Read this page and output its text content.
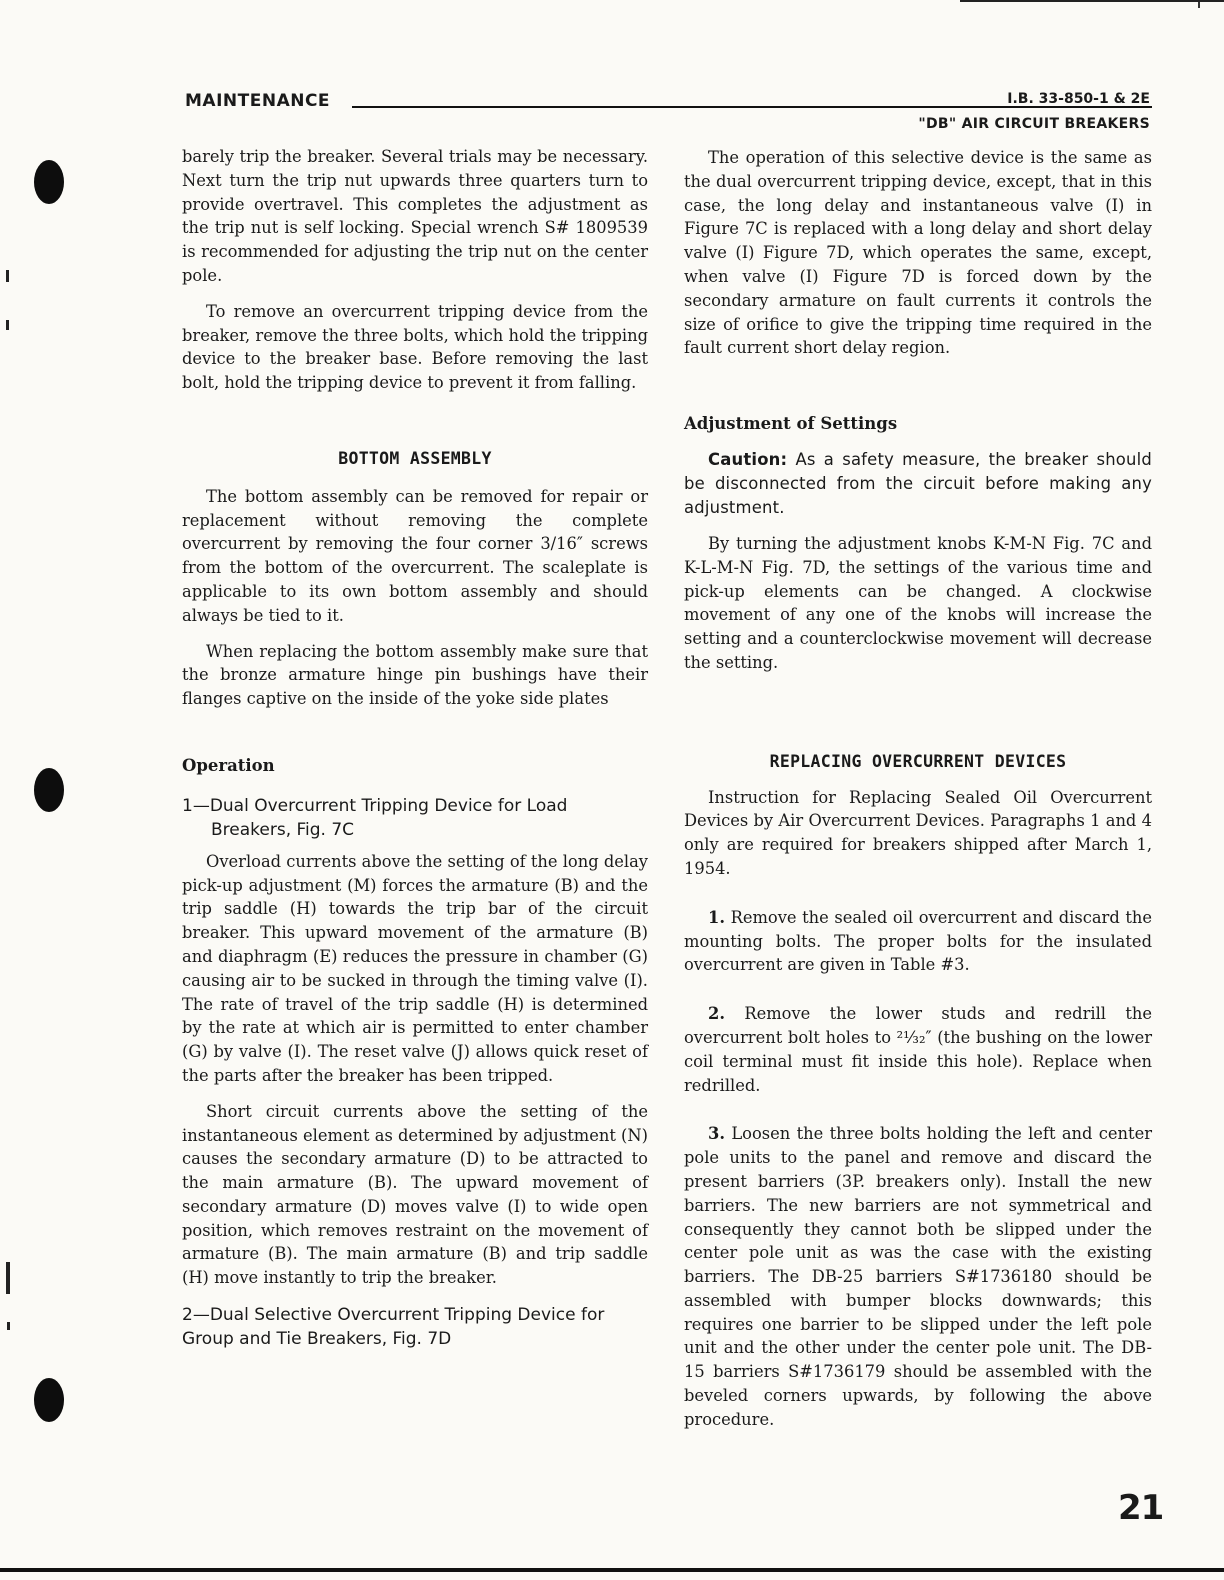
MAINTENANCE	I.B. 33-850-1 & 2E
"DB" AIR CIRCUIT BREAKERS

barely trip the breaker. Several trials may be necessary. Next turn the trip nut upwards three quarters turn to provide overtravel. This completes the adjustment as the trip nut is self locking. Special wrench S# 1809539 is recommended for adjusting the trip nut on the center pole.

To remove an overcurrent tripping device from the breaker, remove the three bolts, which hold the tripping device to the breaker base. Before removing the last bolt, hold the tripping device to prevent it from falling.

BOTTOM ASSEMBLY

The bottom assembly can be removed for repair or replacement without removing the complete overcurrent by removing the four corner 3/16″ screws from the bottom of the overcurrent. The scaleplate is applicable to its own bottom assembly and should always be tied to it.

When replacing the bottom assembly make sure that the bronze armature hinge pin bushings have their flanges captive on the inside of the yoke side plates

Operation

1—Dual Overcurrent Tripping Device for Load Breakers, Fig. 7C

Overload currents above the setting of the long delay pick-up adjustment (M) forces the armature (B) and the trip saddle (H) towards the trip bar of the circuit breaker. This upward movement of the armature (B) and diaphragm (E) reduces the pressure in chamber (G) causing air to be sucked in through the timing valve (I). The rate of travel of the trip saddle (H) is determined by the rate at which air is permitted to enter chamber (G) by valve (I). The reset valve (J) allows quick reset of the parts after the breaker has been tripped.

Short circuit currents above the setting of the instantaneous element as determined by adjustment (N) causes the secondary armature (D) to be attracted to the main armature (B). The upward movement of secondary armature (D) moves valve (I) to wide open position, which removes restraint on the movement of armature (B). The main armature (B) and trip saddle (H) move instantly to trip the breaker.

2—Dual Selective Overcurrent Tripping Device for Group and Tie Breakers, Fig. 7D

The operation of this selective device is the same as the dual overcurrent tripping device, except, that in this case, the long delay and instantaneous valve (I) in Figure 7C is replaced with a long delay and short delay valve (I) Figure 7D, which operates the same, except, when valve (I) Figure 7D is forced down by the secondary armature on fault currents it controls the size of orifice to give the tripping time required in the fault current short delay region.

Adjustment of Settings

Caution: As a safety measure, the breaker should be disconnected from the circuit before making any adjustment.

By turning the adjustment knobs K-M-N Fig. 7C and K-L-M-N Fig. 7D, the settings of the various time and pick-up elements can be changed. A clockwise movement of any one of the knobs will increase the setting and a counterclockwise movement will decrease the setting.

REPLACING OVERCURRENT DEVICES

Instruction for Replacing Sealed Oil Overcurrent Devices by Air Overcurrent Devices. Paragraphs 1 and 4 only are required for breakers shipped after March 1, 1954.

1. Remove the sealed oil overcurrent and discard the mounting bolts. The proper bolts for the insulated overcurrent are given in Table #3.

2. Remove the lower studs and redrill the overcurrent bolt holes to ²¹⁄₃₂″ (the bushing on the lower coil terminal must fit inside this hole). Replace when redrilled.

3. Loosen the three bolts holding the left and center pole units to the panel and remove and discard the present barriers (3P. breakers only). Install the new barriers. The new barriers are not symmetrical and consequently they cannot both be slipped under the center pole unit as was the case with the existing barriers. The DB-25 barriers S#1736180 should be assembled with bumper blocks downwards; this requires one barrier to be slipped under the left pole unit and the other under the center pole unit. The DB-15 barriers S#1736179 should be assembled with the beveled corners upwards, by following the above procedure.

21
